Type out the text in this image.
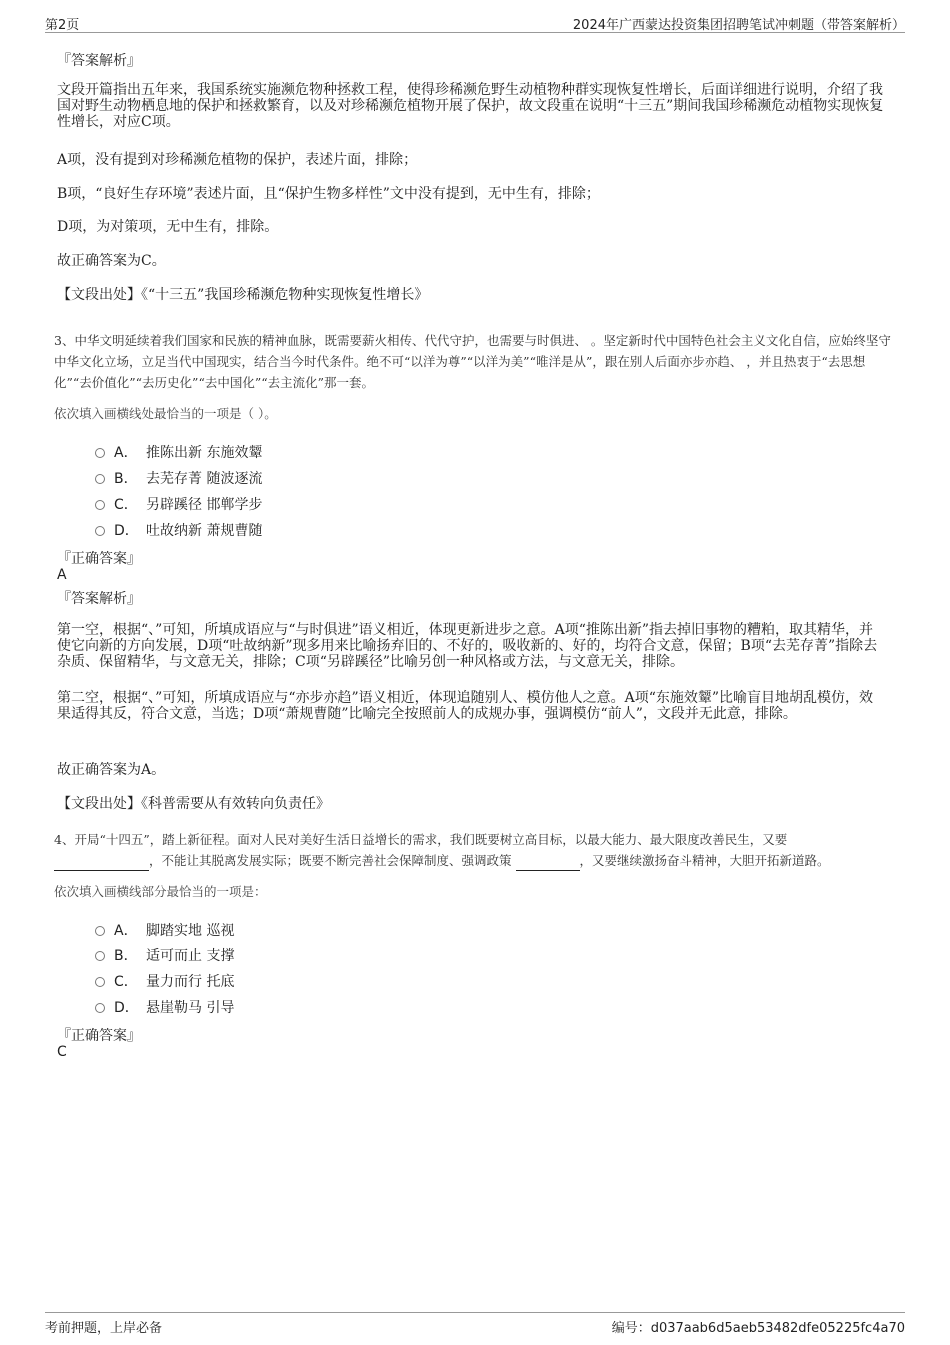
第2页	2024年广西蒙达投资集团招聘笔试冲刺题（带答案解析）
『答案解析』
文段开篇指出五年来，我国系统实施濒危物种拯救工程，使得珍稀濒危野生动植物种群实现恢复性增长，后面详细进行说明，介绍了我国对野生动物栖息地的保护和拯救繁育，以及对珍稀濒危植物开展了保护，故文段重在说明“十三五”期间我国珍稀濒危动植物实现恢复性增长，对应C项。
A项，没有提到对珍稀濒危植物的保护，表述片面，排除；
B项，“良好生存环境”表述片面，且“保护生物多样性”文中没有提到，无中生有，排除；
D项，为对策项，无中生有，排除。
故正确答案为C。
【文段出处】《“十三五”我国珍稀濒危物种实现恢复性增长》
3、中华文明延续着我们国家和民族的精神血脉，既需要薪火相传、代代守护，也需要与时俱进、 。坚定新时代中国特色社会主义文化自信，应始终坚守中华文化立场，立足当代中国现实，结合当今时代条件。绝不可“以洋为尊”“以洋为美”“唯洋是从”，跟在别人后面亦步亦趋、 ，并且热衷于“去思想化”“去价值化”“去历史化”“去中国化”“去主流化”那一套。
依次填入画横线处最恰当的一项是（ ）。
A． 推陈出新 东施效颦
B． 去芜存菁 随波逐流
C． 另辟蹊径 邯郸学步
D． 吐故纳新 萧规曹随
『正确答案』
A
『答案解析』
第一空，根据“、”可知，所填成语应与“与时俱进”语义相近，体现更新进步之意。A项“推陈出新”指去掉旧事物的糟粕，取其精华，并使它向新的方向发展，D项“吐故纳新”现多用来比喻扬弃旧的、不好的，吸收新的、好的，均符合文意，保留；B项“去芜存菁”指除去杂质、保留精华，与文意无关，排除；C项“另辟蹊径”比喻另创一种风格或方法，与文意无关，排除。
第二空，根据“、”可知，所填成语应与“亦步亦趋”语义相近，体现追随别人、模仿他人之意。A项“东施效颦”比喻盲目地胡乱模仿，效果适得其反，符合文意，当选；D项“萧规曹随”比喻完全按照前人的成规办事，强调模仿“前人”，文段并无此意，排除。
故正确答案为A。
【文段出处】《科普需要从有效转向负责任》
4、开局“十四五”，踏上新征程。面对人民对美好生活日益增长的需求，我们既要树立高目标，以最大能力、最大限度改善民生，又要
，不能让其脱离发展实际；既要不断完善社会保障制度、强调政策	，又要继续激扬奋斗精神，大胆开拓新道路。
依次填入画横线部分最恰当的一项是：
A． 脚踏实地 巡视
B． 适可而止 支撑
C． 量力而行 托底
D． 悬崖勒马 引导
『正确答案』
C
考前押题，上岸必备	编号：d037aab6d5aeb53482dfe05225fc4a70
